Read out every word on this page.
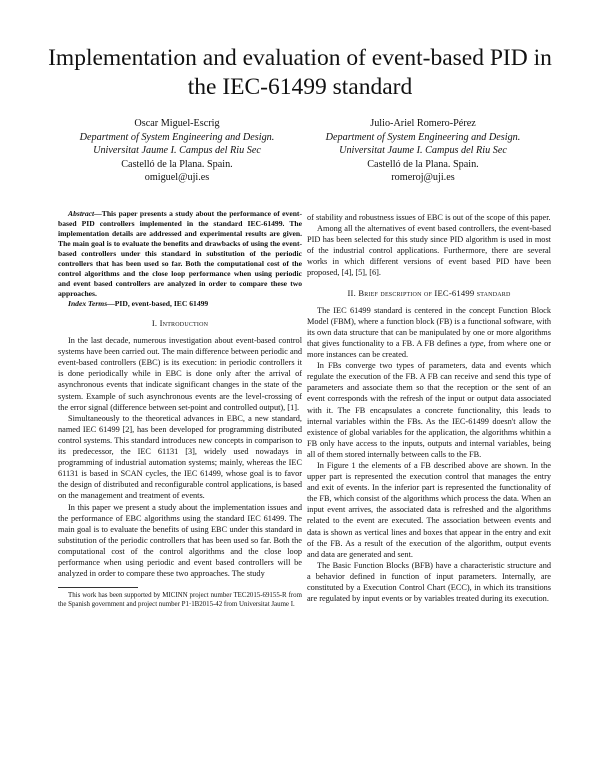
Implementation and evaluation of event-based PID in the IEC-61499 standard
Oscar Miguel-Escrig
Department of System Engineering and Design.
Universitat Jaume I. Campus del Riu Sec
Castelló de la Plana. Spain.
omiguel@uji.es
Julio-Ariel Romero-Pérez
Department of System Engineering and Design.
Universitat Jaume I. Campus del Riu Sec
Castelló de la Plana. Spain.
romeroj@uji.es

Abstract—This paper presents a study about the performance of event-based PID controllers implemented in the standard IEC-61499. The implementation details are addressed and experimental results are given. The main goal is to evaluate the benefits and drawbacks of using the event-based controllers under this standard in substitution of the periodic controllers that has been used so far. Both the computational cost of the control algorithms and the close loop performance when using periodic and event based controllers are analyzed in order to compare these two approaches.

Index Terms—PID, event-based, IEC 61499

I. Introduction

In the last decade, numerous investigation about event-based control systems have been carried out. The main difference between periodic and event-based controllers (EBC) is its execution: in periodic controllers it is done periodically while in EBC is done only after the arrival of asynchronous events that indicate significant changes in the state of the system. Example of such asynchronous events are the level-crossing of the error signal (difference between set-point and controlled output), [1].

Simultaneously to the theoretical advances in EBC, a new standard, named IEC 61499 [2], has been developed for programming distributed control systems. This standard introduces new concepts in comparison to its predecessor, the IEC 61131 [3], widely used nowadays in programming of industrial automation systems; mainly, whereas the IEC 61131 is based in SCAN cycles, the IEC 61499, whose goal is to favor the design of distributed and reconfigurable control applications, is based on the management and treatment of events.

In this paper we present a study about the implementation issues and the performance of EBC algorithms using the standard IEC 61499. The main goal is to evaluate the benefits of using EBC under this standard in substitution of the periodic controllers that has been used so far. Both the computational cost of the control algorithms and the close loop performance when using periodic and event based controllers will be analyzed in order to compare these two approaches. The study

This work has been supported by MICINN project number TEC2015-69155-R from the Spanish government and project number P1·1B2015-42 from Universitat Jaume I.

of stability and robustness issues of EBC is out of the scope of this paper.

Among all the alternatives of event based controllers, the event-based PID has been selected for this study since PID algorithm is used in most of the industrial control applications. Furthermore, there are several works in which different versions of event based PID have been proposed, [4], [5], [6].

II. Brief description of IEC-61499 standard

The IEC 61499 standard is centered in the concept Function Block Model (FBM), where a function block (FB) is a functional software, with its own data structure that can be manipulated by one or more algorithms that gives functionality to a FB. A FB defines a type, from where one or more instances can be created.

In FBs converge two types of parameters, data and events which regulate the execution of the FB. A FB can receive and send this type of parameters and associate them so that the reception or the sent of an event corresponds with the refresh of the input or output data associated with it. The FB encapsulates a concrete functionality, this leads to internal variables within the FBs. As the IEC-61499 doesn't allow the existence of global variables for the application, the algorithms whithin a FB only have access to the inputs, outputs and internal variables, being all of them stored internally between calls to the FB.

In Figure 1 the elements of a FB described above are shown. In the upper part is represented the execution control that manages the entry and exit of events. In the inferior part is represented the functionality of the FB, which consist of the algorithms which process the data. When an input event arrives, the associated data is refreshed and the algorithms related to the event are executed. The association between events and data is shown as vertical lines and boxes that appear in the entry and exit of the FB. As a result of the execution of the algorithm, output events and data are generated and sent.

The Basic Function Blocks (BFB) have a characteristic structure and a behavior defined in function of input parameters. Internally, are constituted by a Execution Control Chart (ECC), in which its transitions are regulated by input events or by variables treated during its execution.
